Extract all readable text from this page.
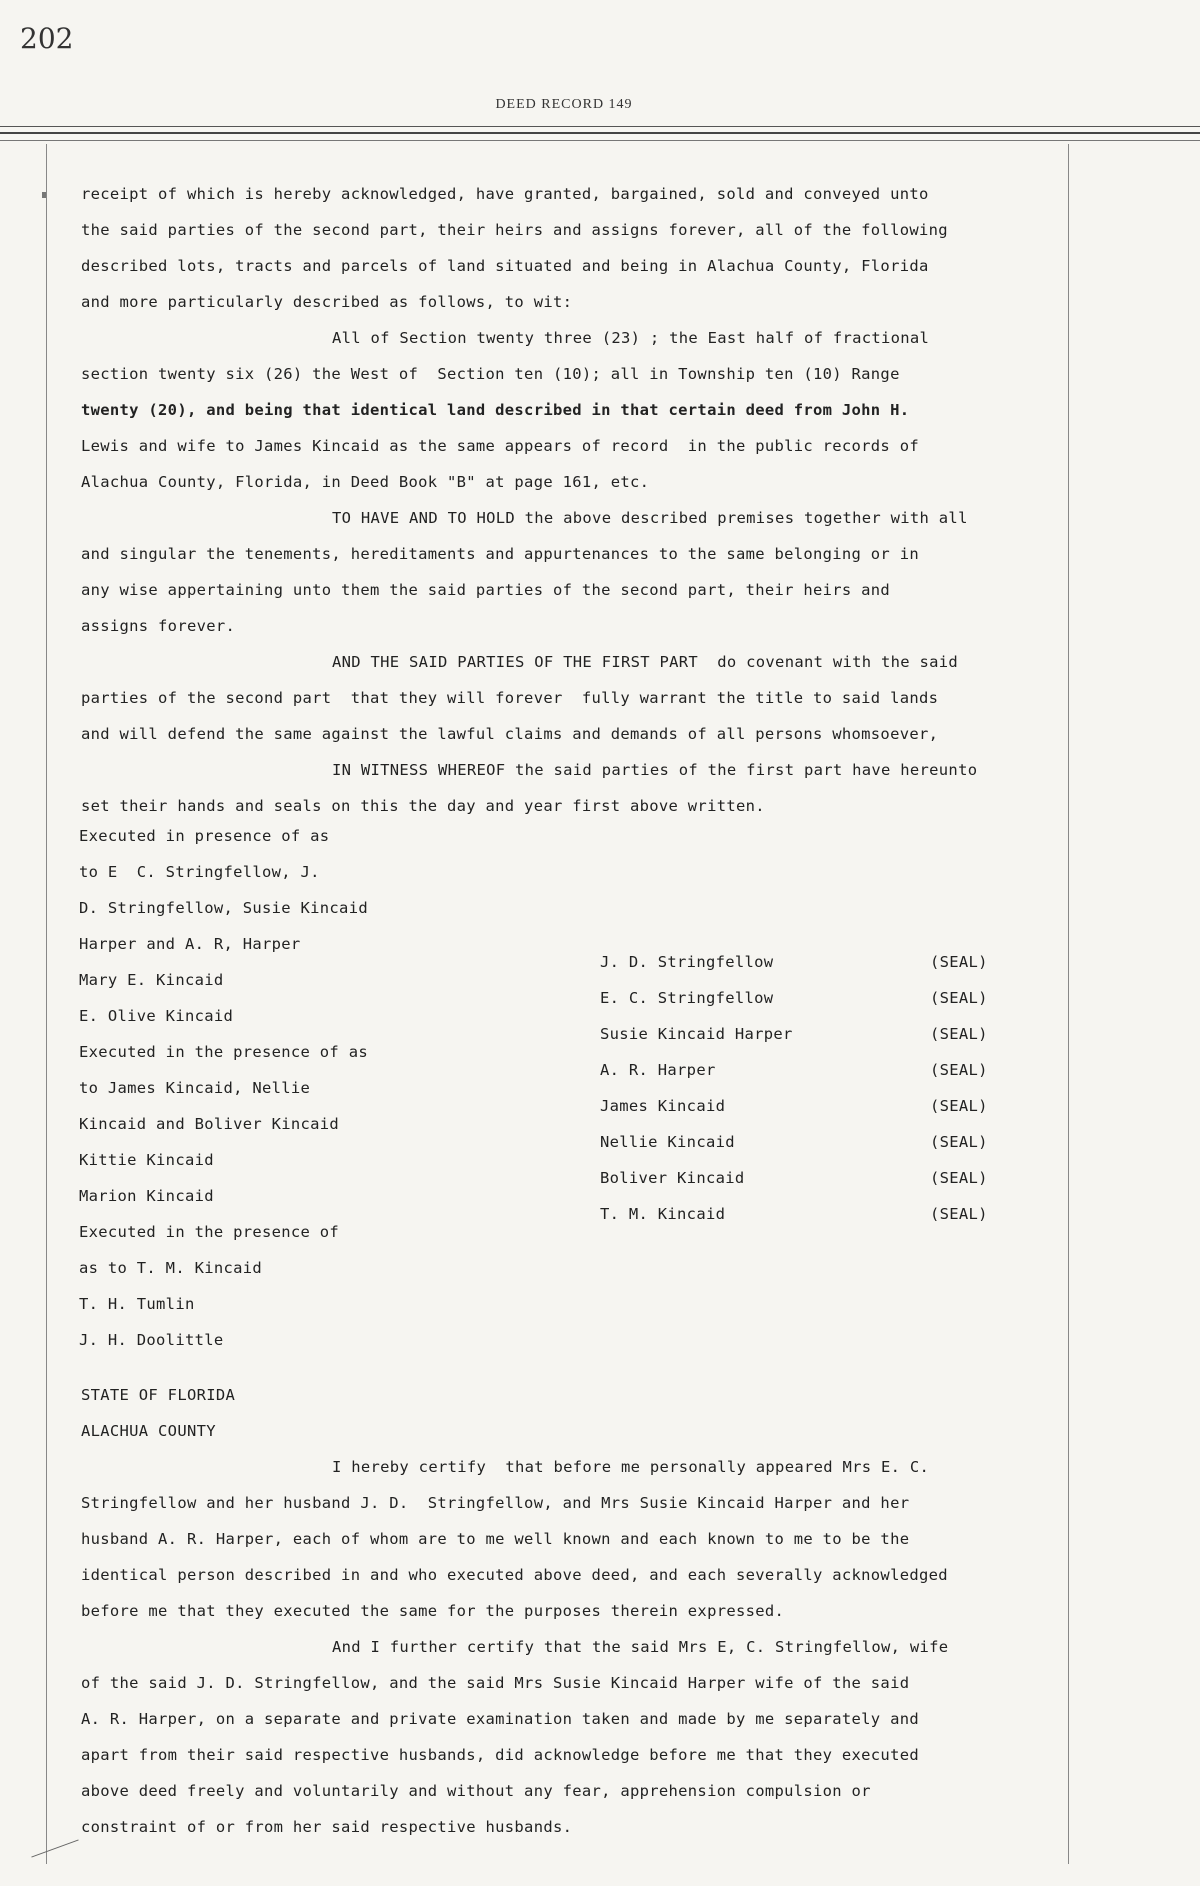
202
DEED RECORD 149
receipt of which is hereby acknowledged, have granted, bargained, sold and conveyed unto
the said parties of the second part, their heirs and assigns forever, all of the following
described lots, tracts and parcels of land situated and being in Alachua County, Florida
and more particularly described as follows, to wit:
All of Section twenty three (23) ; the East half of fractional
section twenty six (26) the West of  Section ten (10); all in Township ten (10) Range
twenty (20), and being that identical land described in that certain deed from John H.
Lewis and wife to James Kincaid as the same appears of record  in the public records of
Alachua County, Florida, in Deed Book "B" at page 161, etc.
TO HAVE AND TO HOLD the above described premises together with all
and singular the tenements, hereditaments and appurtenances to the same belonging or in
any wise appertaining unto them the said parties of the second part, their heirs and
assigns forever.
AND THE SAID PARTIES OF THE FIRST PART  do covenant with the said
parties of the second part  that they will forever  fully warrant the title to said lands
and will defend the same against the lawful claims and demands of all persons whomsoever,
IN WITNESS WHEREOF the said parties of the first part have hereunto
set their hands and seals on this the day and year first above written.
Executed in presence of as
to E  C. Stringfellow, J.
D. Stringfellow, Susie Kincaid
Harper and A. R, Harper
Mary E. Kincaid
E. Olive Kincaid
Executed in the presence of as
to James Kincaid, Nellie
Kincaid and Boliver Kincaid
Kittie Kincaid
Marion Kincaid
Executed in the presence of
as to T. M. Kincaid
T. H. Tumlin
J. H. Doolittle
J. D. Stringfellow	(SEAL)
E. C. Stringfellow	(SEAL)
Susie Kincaid Harper	(SEAL)
A. R. Harper	(SEAL)
James Kincaid	(SEAL)
Nellie Kincaid	(SEAL)
Boliver Kincaid	(SEAL)
T. M. Kincaid	(SEAL)
STATE OF FLORIDA
ALACHUA COUNTY
I hereby certify  that before me personally appeared Mrs E. C.
Stringfellow and her husband J. D.  Stringfellow, and Mrs Susie Kincaid Harper and her
husband A. R. Harper, each of whom are to me well known and each known to me to be the
identical person described in and who executed above deed, and each severally acknowledged
before me that they executed the same for the purposes therein expressed.
And I further certify that the said Mrs E, C. Stringfellow, wife
of the said J. D. Stringfellow, and the said Mrs Susie Kincaid Harper wife of the said
A. R. Harper, on a separate and private examination taken and made by me separately and
apart from their said respective husbands, did acknowledge before me that they executed
above deed freely and voluntarily and without any fear, apprehension compulsion or
constraint of or from her said respective husbands.
